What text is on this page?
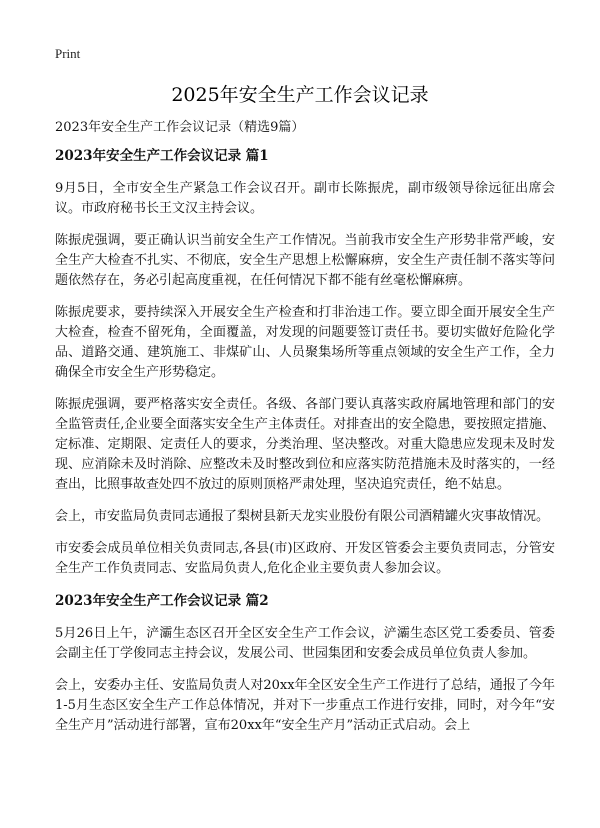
Print
2025年安全生产工作会议记录

2023年安全生产工作会议记录（精选9篇）

2023年安全生产工作会议记录 篇1

9月5日，全市安全生产紧急工作会议召开。副市长陈振虎，副市级领导徐远征出席会议。市政府秘书长王文汉主持会议。

陈振虎强调，要正确认识当前安全生产工作情况。当前我市安全生产形势非常严峻，安全生产大检查不扎实、不彻底，安全生产思想上松懈麻痹，安全生产责任制不落实等问题依然存在，务必引起高度重视，在任何情况下都不能有丝毫松懈麻痹。

陈振虎要求，要持续深入开展安全生产检查和打非治违工作。要立即全面开展安全生产大检查，检查不留死角，全面覆盖，对发现的问题要签订责任书。要切实做好危险化学品、道路交通、建筑施工、非煤矿山、人员聚集场所等重点领域的安全生产工作，全力确保全市安全生产形势稳定。

陈振虎强调，要严格落实安全责任。各级、各部门要认真落实政府属地管理和部门的安全监管责任,企业要全面落实安全生产主体责任。对排查出的安全隐患，要按照定措施、定标准、定期限、定责任人的要求，分类治理、坚决整改。对重大隐患应发现未及时发现、应消除未及时消除、应整改未及时整改到位和应落实防范措施未及时落实的，一经查出，比照事故查处四不放过的原则顶格严肃处理，坚决追究责任，绝不姑息。

会上，市安监局负责同志通报了梨树县新天龙实业股份有限公司酒精罐火灾事故情况。

市安委会成员单位相关负责同志,各县(市)区政府、开发区管委会主要负责同志，分管安全生产工作负责同志、安监局负责人,危化企业主要负责人参加会议。

2023年安全生产工作会议记录 篇2

5月26日上午，浐灞生态区召开全区安全生产工作会议，浐灞生态区党工委委员、管委会副主任丁学俊同志主持会议，发展公司、世园集团和安委会成员单位负责人参加。

会上，安委办主任、安监局负责人对20xx年全区安全生产工作进行了总结，通报了今年1-5月生态区安全生产工作总体情况，并对下一步重点工作进行安排，同时，对今年“安全生产月”活动进行部署，宣布20xx年“安全生产月”活动正式启动。会上
